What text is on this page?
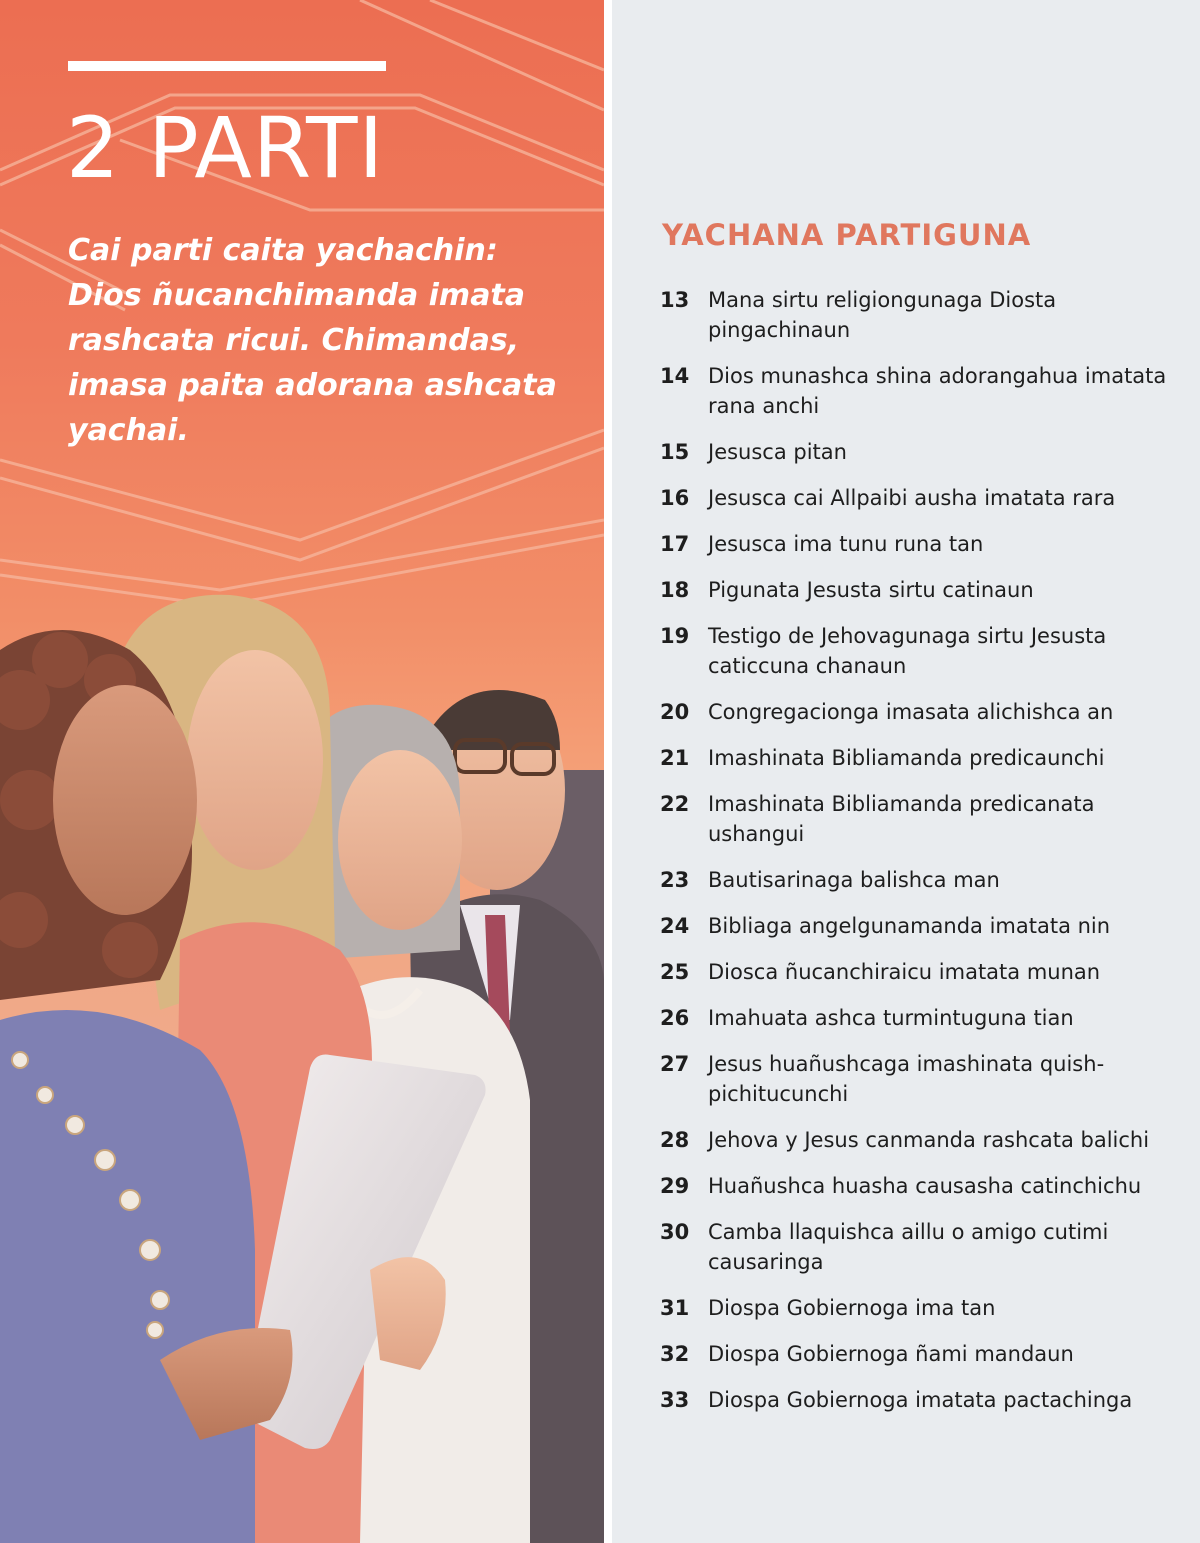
2 PARTI

Cai parti caita yachachin: Dios ñucanchimanda imata rashcata ricui. Chimandas, imasa paita adorana ashcata yachai.

YACHANA PARTIGUNA
13 Mana sirtu religiongunaga Diosta pingachinaun
14 Dios munashca shina adorangahua imatata rana anchi
15 Jesusca pitan
16 Jesusca cai Allpaibi ausha imatata rara
17 Jesusca ima tunu runa tan
18 Pigunata Jesusta sirtu catinaun
19 Testigo de Jehovagunaga sirtu Jesusta caticcuna chanaun
20 Congregacionga imasata alichishca an
21 Imashinata Bibliamanda predicaunchi
22 Imashinata Bibliamanda predicanata ushangui
23 Bautisarinaga balishca man
24 Bibliaga angelgunamanda imatata nin
25 Diosca ñucanchiraicu imatata munan
26 Imahuata ashca turmintuguna tian
27 Jesus huañushcaga imashinata quishpichitucunchi
28 Jehova y Jesus canmanda rashcata balichi
29 Huañushca huasha causasha catinchichu
30 Camba llaquishca aillu o amigo cutimi causaringa
31 Diospa Gobiernoga ima tan
32 Diospa Gobiernoga ñami mandaun
33 Diospa Gobiernoga imatata pactachinga
